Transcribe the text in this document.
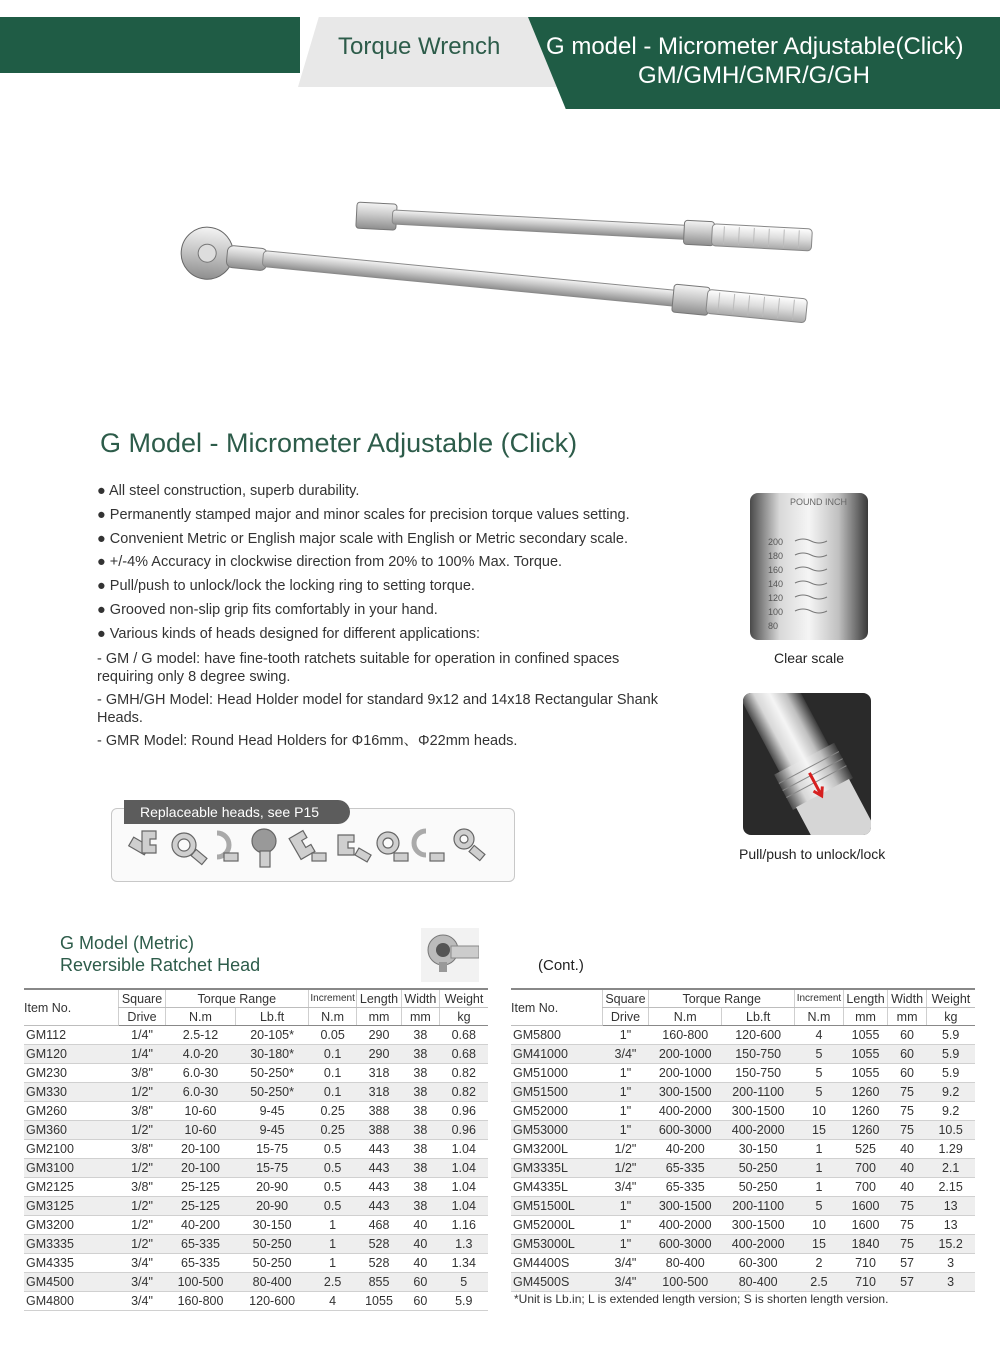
Torque Wrench G model - Micrometer Adjustable(Click)
GM/GMH/GMR/G/GH
G Model - Micrometer Adjustable (Click)
● All steel construction, superb durability.
● Permanently stamped major and minor scales for precision torque values setting.
● Convenient Metric or English major scale with English or Metric secondary scale.
● +/-4% Accuracy in clockwise direction from 20% to 100% Max. Torque.
● Pull/push to unlock/lock the locking ring to setting torque.
● Grooved non-slip grip fits comfortably in your hand.
● Various kinds of heads designed for different applications:
- GM / G model: have fine-tooth ratchets suitable for operation in confined spaces requiring only 8 degree swing.
- GMH/GH Model: Head Holder model for standard 9x12 and 14x18 Rectangular Shank Heads.
- GMR Model: Round Head Holders for Φ16mm、Φ22mm heads.
POUND INCH
200
180
160
140
120
100
80
Clear scale
Pull/push to unlock/lock
Replaceable heads, see P15
G Model (Metric)
Reversible Ratchet Head	(Cont.)
Item No.	Square	Torque Range		Increment	Length	Width	Weight
	Drive	N.m	Lb.ft	N.m	mm	mm	kg
GM112	1/4"	2.5-12	20-105*	0.05	290	38	0.68
GM120	1/4"	4.0-20	30-180*	0.1	290	38	0.68
GM230	3/8"	6.0-30	50-250*	0.1	318	38	0.82
GM330	1/2"	6.0-30	50-250*	0.1	318	38	0.82
GM260	3/8"	10-60	9-45	0.25	388	38	0.96
GM360	1/2"	10-60	9-45	0.25	388	38	0.96
GM2100	3/8"	20-100	15-75	0.5	443	38	1.04
GM3100	1/2"	20-100	15-75	0.5	443	38	1.04
GM2125	3/8"	25-125	20-90	0.5	443	38	1.04
GM3125	1/2"	25-125	20-90	0.5	443	38	1.04
GM3200	1/2"	40-200	30-150	1	468	40	1.16
GM3335	1/2"	65-335	50-250	1	528	40	1.3
GM4335	3/4"	65-335	50-250	1	528	40	1.34
GM4500	3/4"	100-500	80-400	2.5	855	60	5
GM4800	3/4"	160-800	120-600	4	1055	60	5.9
Item No.	Square	Torque Range		Increment	Length	Width	Weight
	Drive	N.m	Lb.ft	N.m	mm	mm	kg
GM5800	1"	160-800	120-600	4	1055	60	5.9
GM41000	3/4"	200-1000	150-750	5	1055	60	5.9
GM51000	1"	200-1000	150-750	5	1055	60	5.9
GM51500	1"	300-1500	200-1100	5	1260	75	9.2
GM52000	1"	400-2000	300-1500	10	1260	75	9.2
GM53000	1"	600-3000	400-2000	15	1260	75	10.5
GM3200L	1/2"	40-200	30-150	1	525	40	1.29
GM3335L	1/2"	65-335	50-250	1	700	40	2.1
GM4335L	3/4"	65-335	50-250	1	700	40	2.15
GM51500L	1"	300-1500	200-1100	5	1600	75	13
GM52000L	1"	400-2000	300-1500	10	1600	75	13
GM53000L	1"	600-3000	400-2000	15	1840	75	15.2
GM4400S	3/4"	80-400	60-300	2	710	57	3
GM4500S	3/4"	100-500	80-400	2.5	710	57	3
*Unit is Lb.in; L is extended length version; S is shorten length version.
